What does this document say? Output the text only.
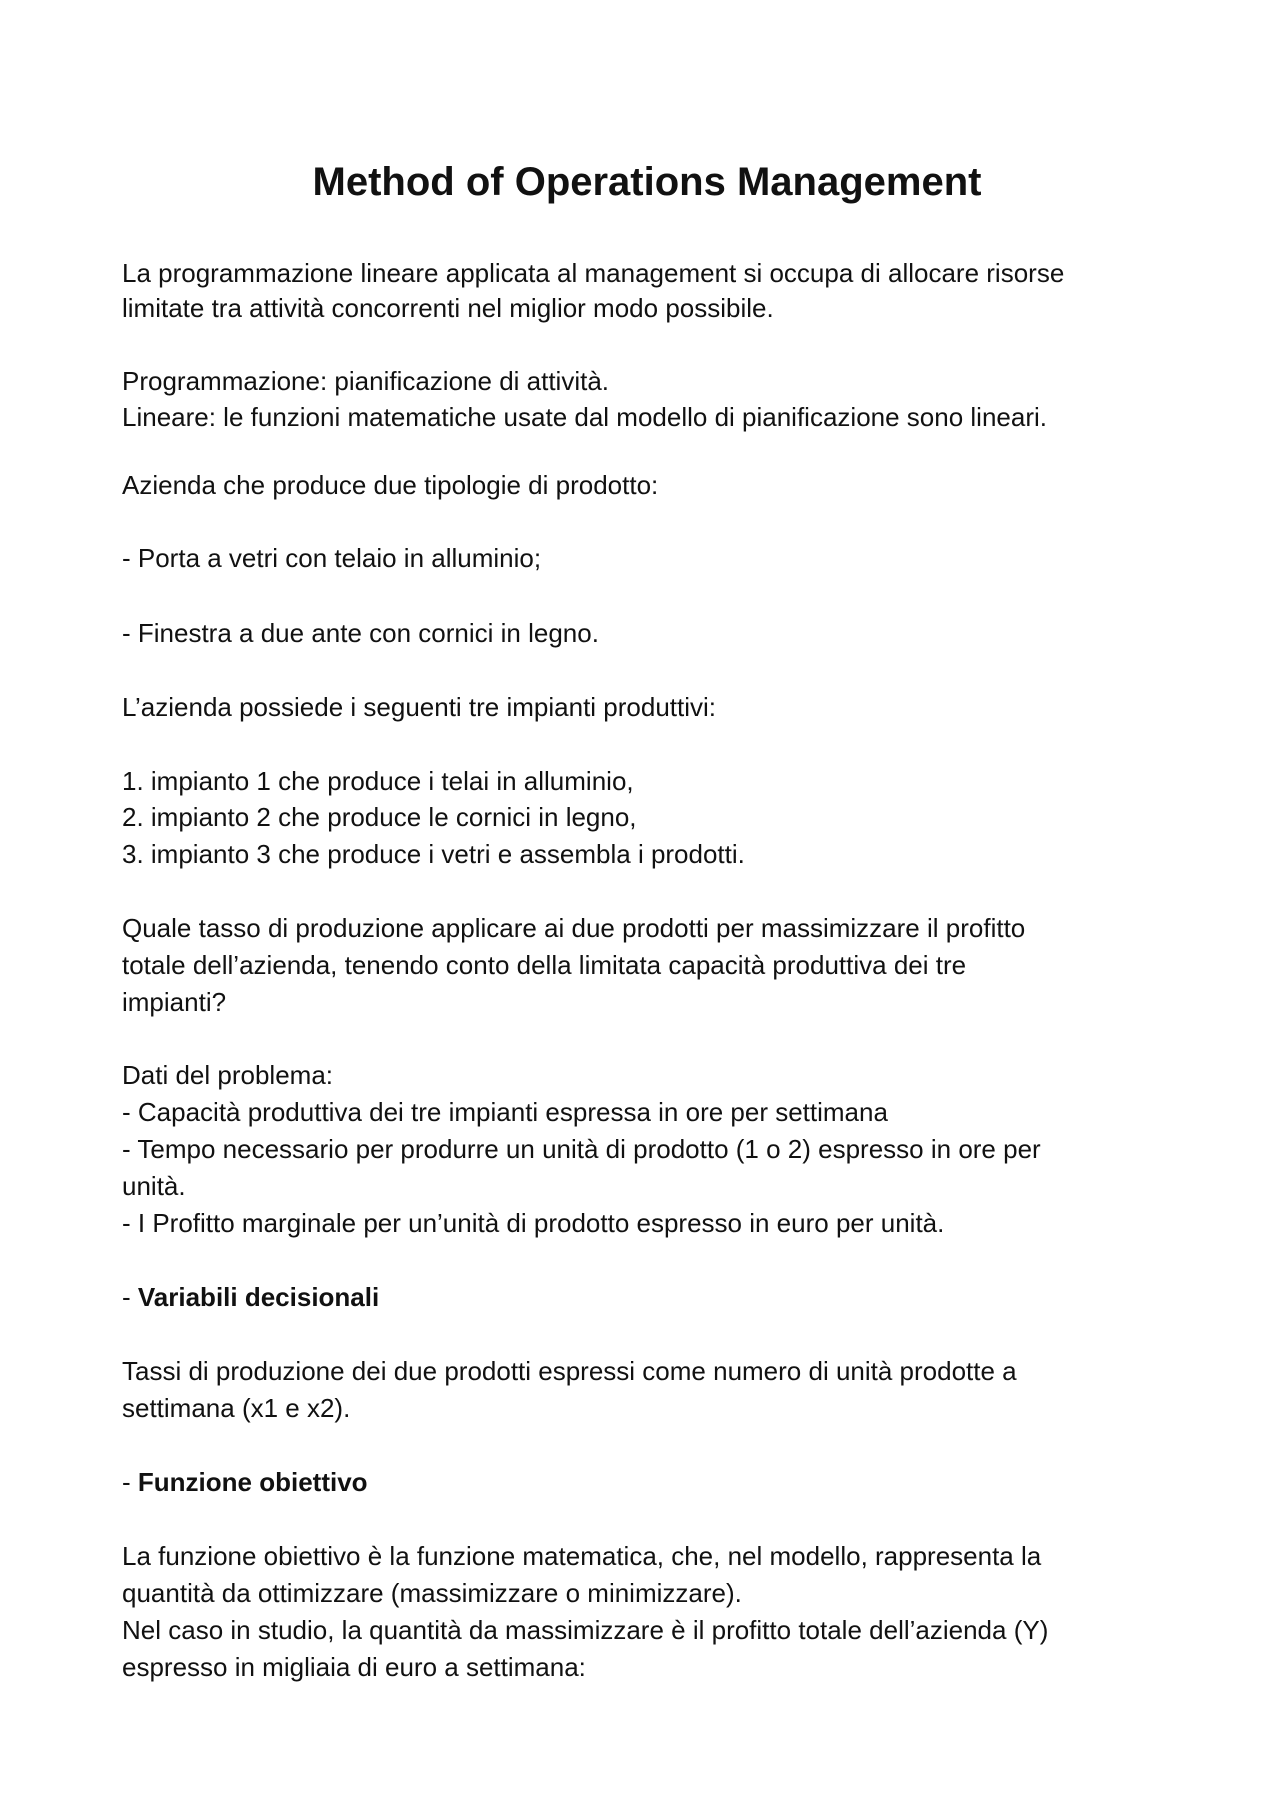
Method of Operations Management

La programmazione lineare applicata al management si occupa di allocare risorse

limitate tra attività concorrenti nel miglior modo possibile.

Programmazione: pianificazione di attività.

Lineare: le funzioni matematiche usate dal modello di pianificazione sono lineari.

Azienda che produce due tipologie di prodotto:

- Porta a vetri con telaio in alluminio;

- Finestra a due ante con cornici in legno.

L’azienda possiede i seguenti tre impianti produttivi:

1. impianto 1 che produce i telai in alluminio,

2. impianto 2 che produce le cornici in legno,

3. impianto 3 che produce i vetri e assembla i prodotti.

Quale tasso di produzione applicare ai due prodotti per massimizzare il profitto

totale dell’azienda, tenendo conto della limitata capacità produttiva dei tre

impianti?

Dati del problema:

- Capacità produttiva dei tre impianti espressa in ore per settimana

- Tempo necessario per produrre un unità di prodotto (1 o 2) espresso in ore per

unità.

- I Profitto marginale per un’unità di prodotto espresso in euro per unità.

- Variabili decisionali

Tassi di produzione dei due prodotti espressi come numero di unità prodotte a

settimana (x1 e x2).

- Funzione obiettivo

La funzione obiettivo è la funzione matematica, che, nel modello, rappresenta la

quantità da ottimizzare (massimizzare o minimizzare).

Nel caso in studio, la quantità da massimizzare è il profitto totale dell’azienda (Y)

espresso in migliaia di euro a settimana:
